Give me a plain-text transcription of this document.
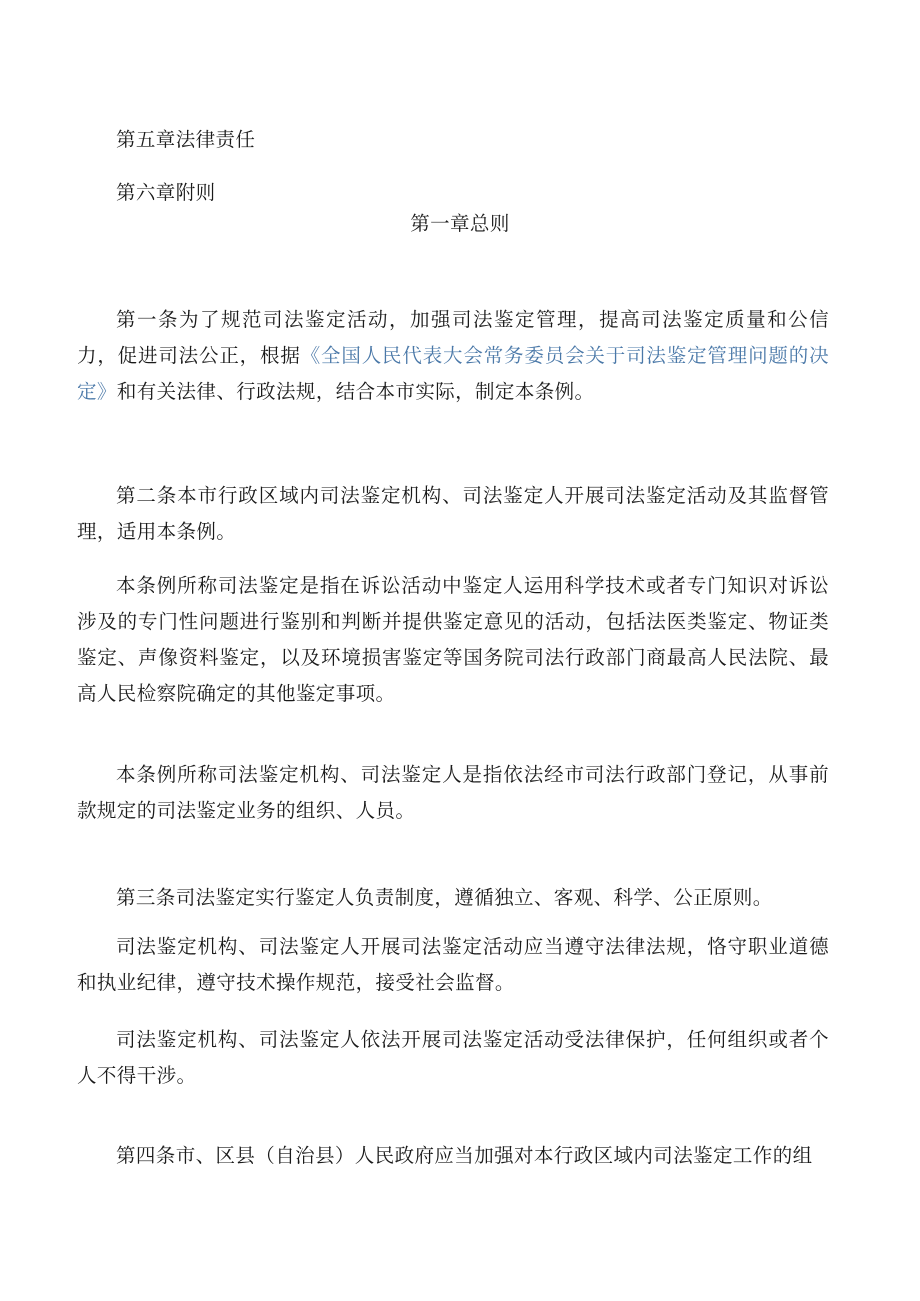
第五章法律责任
第六章附则
第一章总则
第一条为了规范司法鉴定活动，加强司法鉴定管理，提高司法鉴定质量和公信力，促进司法公正，根据《全国人民代表大会常务委员会关于司法鉴定管理问题的决定》和有关法律、行政法规，结合本市实际，制定本条例。
第二条本市行政区域内司法鉴定机构、司法鉴定人开展司法鉴定活动及其监督管理，适用本条例。
本条例所称司法鉴定是指在诉讼活动中鉴定人运用科学技术或者专门知识对诉讼涉及的专门性问题进行鉴别和判断并提供鉴定意见的活动，包括法医类鉴定、物证类鉴定、声像资料鉴定，以及环境损害鉴定等国务院司法行政部门商最高人民法院、最高人民检察院确定的其他鉴定事项。
本条例所称司法鉴定机构、司法鉴定人是指依法经市司法行政部门登记，从事前款规定的司法鉴定业务的组织、人员。
第三条司法鉴定实行鉴定人负责制度，遵循独立、客观、科学、公正原则。
司法鉴定机构、司法鉴定人开展司法鉴定活动应当遵守法律法规，恪守职业道德和执业纪律，遵守技术操作规范，接受社会监督。
司法鉴定机构、司法鉴定人依法开展司法鉴定活动受法律保护，任何组织或者个人不得干涉。
第四条市、区县（自治县）人民政府应当加强对本行政区域内司法鉴定工作的组
